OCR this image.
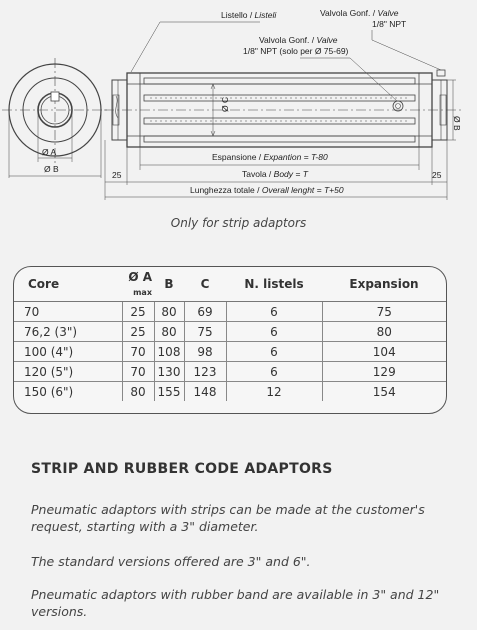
Ø A
Ø B
Listello / Listeli	Valvola Gonf. / Valve
1/8" NPT
Valvola Gonf. / Valve
1/8" NPT (solo per Ø 75-69)
Ø C
Ø B
Espansione / Expantion = T-80
Tavola / Body = T
25	25
Lunghezza totale / Overall lenght = T+50
Only for strip adaptors
Core	Ø A max	B	C	N. listels	Expansion
70	25	80	69	6	75
76,2 (3")	25	80	75	6	80
100 (4")	70	108	98	6	104
120 (5")	70	130	123	6	129
150 (6")	80	155	148	12	154
STRIP AND RUBBER CODE ADAPTORS

Pneumatic adaptors with strips can be made at the customer's request, starting with a 3" diameter.

The standard versions offered are 3" and 6".

Pneumatic adaptors with rubber band are available in 3" and 12" versions.
